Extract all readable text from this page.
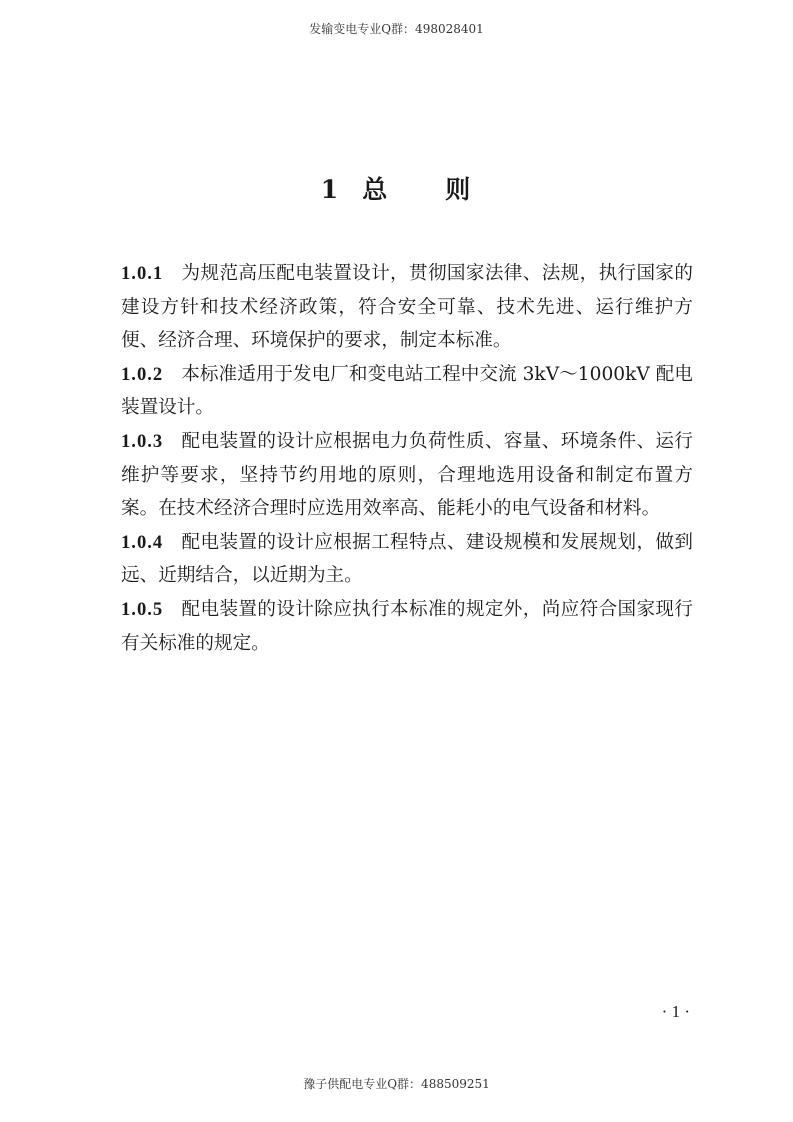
发输变电专业Q群：498028401
1 总 则

1.0.1 为规范高压配电装置设计，贯彻国家法律、法规，执行国家的建设方针和技术经济政策，符合安全可靠、技术先进、运行维护方便、经济合理、环境保护的要求，制定本标准。

1.0.2 本标准适用于发电厂和变电站工程中交流 3kV～1000kV 配电装置设计。

1.0.3 配电装置的设计应根据电力负荷性质、容量、环境条件、运行维护等要求，坚持节约用地的原则，合理地选用设备和制定布置方案。在技术经济合理时应选用效率高、能耗小的电气设备和材料。

1.0.4 配电装置的设计应根据工程特点、建设规模和发展规划，做到远、近期结合，以近期为主。

1.0.5 配电装置的设计除应执行本标准的规定外，尚应符合国家现行有关标准的规定。

· 1 ·
豫子供配电专业Q群：488509251
